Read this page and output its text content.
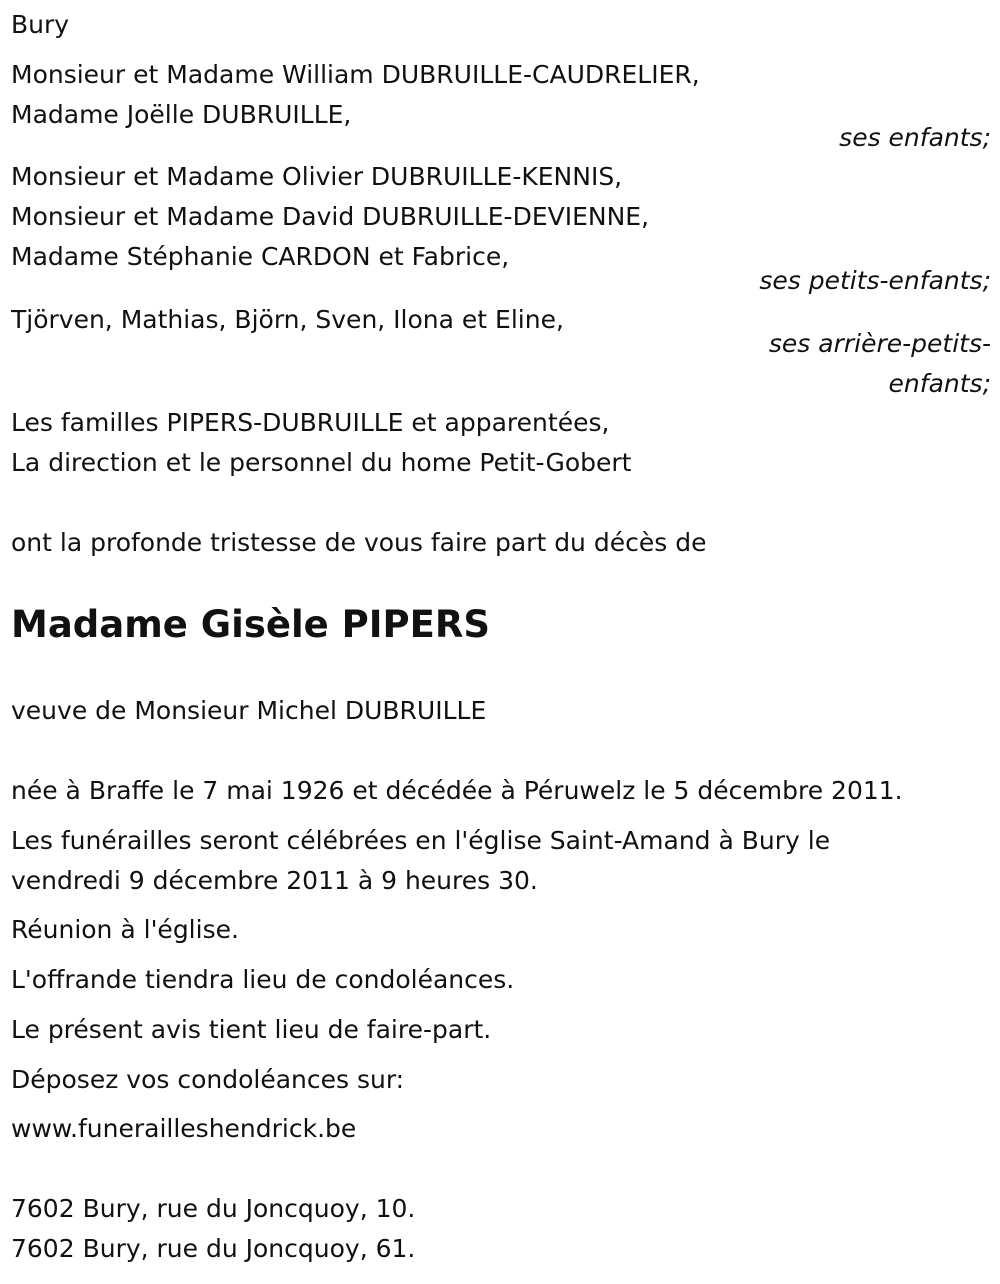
Bury
Monsieur et Madame William DUBRUILLE-CAUDRELIER,
Madame Joëlle DUBRUILLE,
ses enfants;
Monsieur et Madame Olivier DUBRUILLE-KENNIS,
Monsieur et Madame David DUBRUILLE-DEVIENNE,
Madame Stéphanie CARDON et Fabrice,
ses petits-enfants;
Tjörven, Mathias, Björn, Sven, Ilona et Eline,
ses arrière-petits-
enfants;
Les familles PIPERS-DUBRUILLE et apparentées,
La direction et le personnel du home Petit-Gobert
ont la profonde tristesse de vous faire part du décès de
Madame Gisèle PIPERS
veuve de Monsieur Michel DUBRUILLE
née à Braffe le 7 mai 1926 et décédée à Péruwelz le 5 décembre 2011.
Les funérailles seront célébrées en l'église Saint-Amand à Bury le
vendredi 9 décembre 2011 à 9 heures 30.
Réunion à l'église.
L'offrande tiendra lieu de condoléances.
Le présent avis tient lieu de faire-part.
Déposez vos condoléances sur:
www.funerailleshendrick.be
7602 Bury, rue du Joncquoy, 10.
7602 Bury, rue du Joncquoy, 61.
